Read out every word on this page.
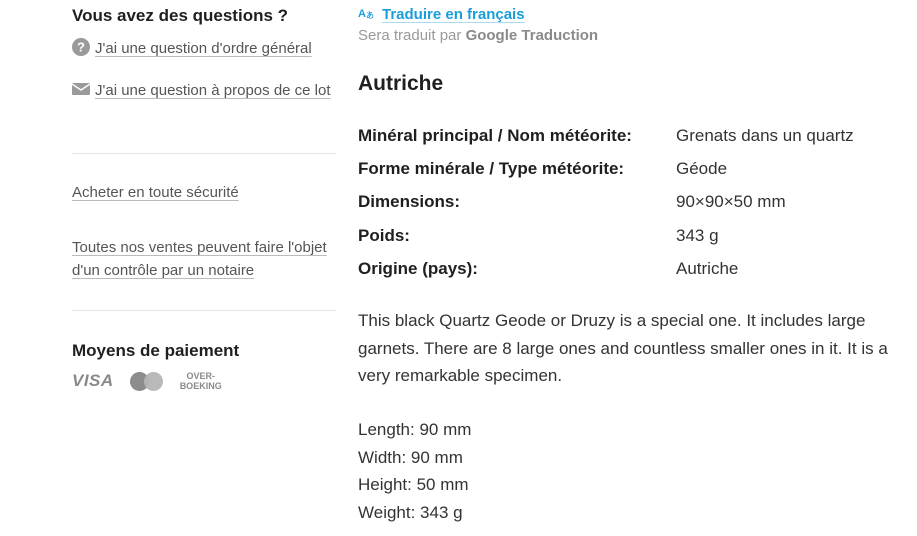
Vous avez des questions ?
? J'ai une question d'ordre général
J'ai une question à propos de ce lot
Acheter en toute sécurité
Toutes nos ventes peuvent faire l'objet d'un contrôle par un notaire
Moyens de paiement
VISA	OVER-
BOEKING
A あ Traduire en français
Sera traduit par Google Traduction
Autriche
Minéral principal / Nom météorite:	Grenats dans un quartz
Forme minérale / Type météorite:	Géode
Dimensions:	90×90×50 mm
Poids:	343 g
Origine (pays):	Autriche
This black Quartz Geode or Druzy is a special one. It includes large garnets. There are 8 large ones and countless smaller ones in it. It is a very remarkable specimen.
Length: 90 mm
Width: 90 mm
Height: 50 mm
Weight: 343 g
